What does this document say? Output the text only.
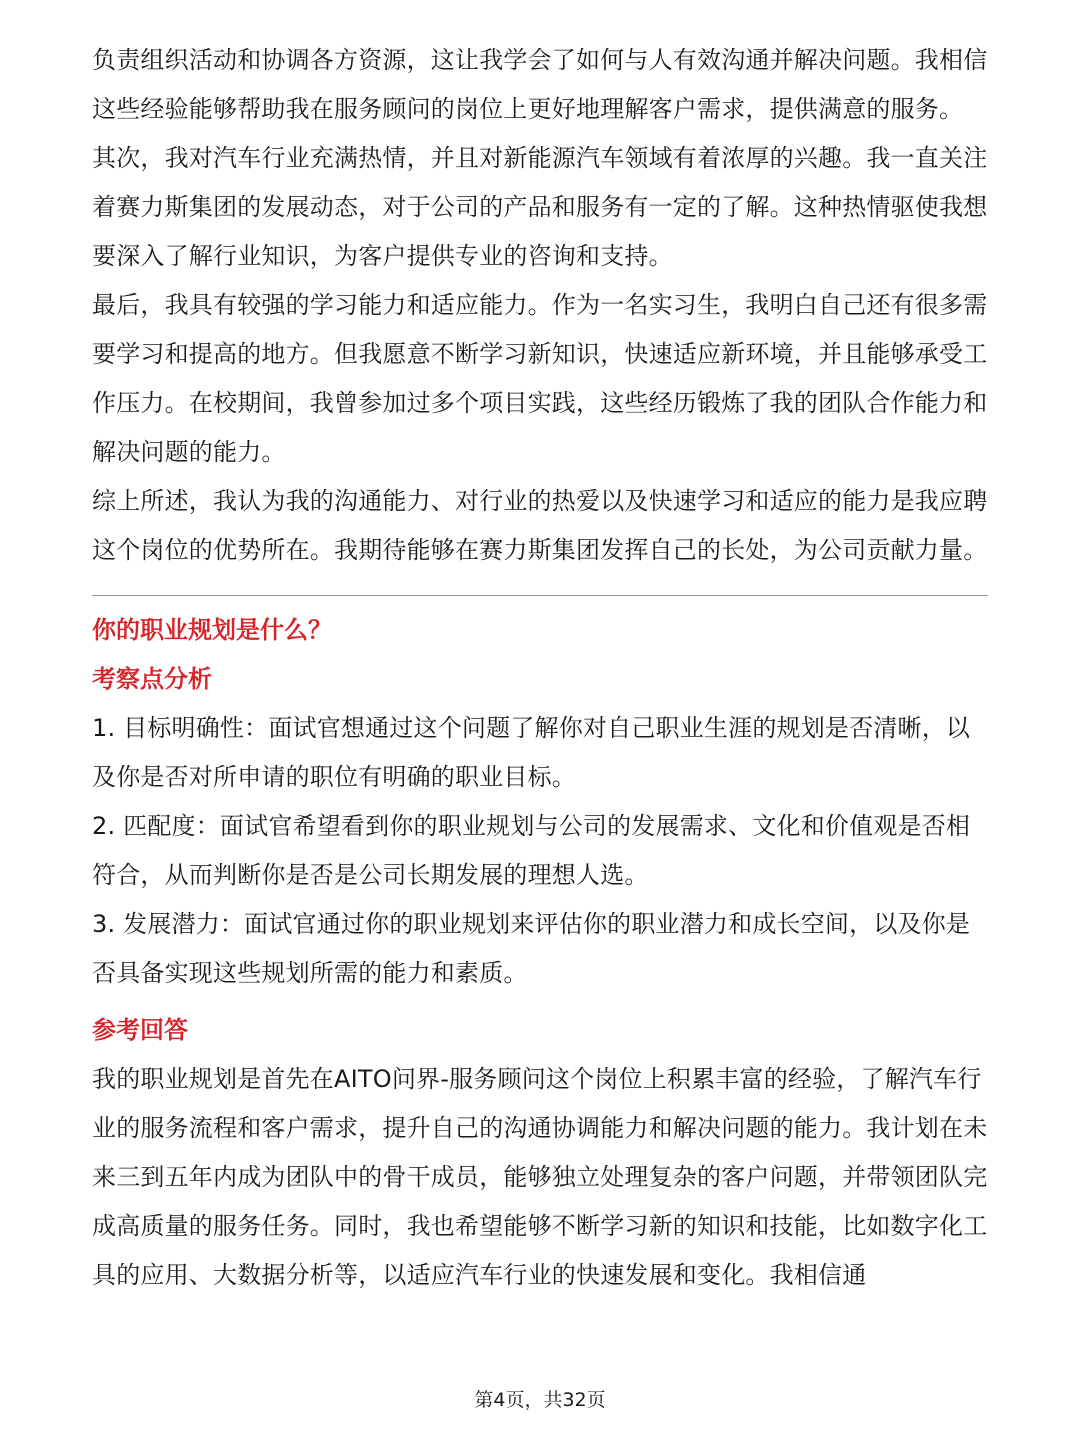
负责组织活动和协调各方资源，这让我学会了如何与人有效沟通并解决问题。我相信这些经验能够帮助我在服务顾问的岗位上更好地理解客户需求，提供满意的服务。

其次，我对汽车行业充满热情，并且对新能源汽车领域有着浓厚的兴趣。我一直关注着赛力斯集团的发展动态，对于公司的产品和服务有一定的了解。这种热情驱使我想要深入了解行业知识，为客户提供专业的咨询和支持。

最后，我具有较强的学习能力和适应能力。作为一名实习生，我明白自己还有很多需要学习和提高的地方。但我愿意不断学习新知识，快速适应新环境，并且能够承受工作压力。在校期间，我曾参加过多个项目实践，这些经历锻炼了我的团队合作能力和解决问题的能力。

综上所述，我认为我的沟通能力、对行业的热爱以及快速学习和适应的能力是我应聘这个岗位的优势所在。我期待能够在赛力斯集团发挥自己的长处，为公司贡献力量。

你的职业规划是什么？

考察点分析

1. 目标明确性：面试官想通过这个问题了解你对自己职业生涯的规划是否清晰，以及你是否对所申请的职位有明确的职业目标。

2. 匹配度：面试官希望看到你的职业规划与公司的发展需求、文化和价值观是否相符合，从而判断你是否是公司长期发展的理想人选。

3. 发展潜力：面试官通过你的职业规划来评估你的职业潜力和成长空间，以及你是否具备实现这些规划所需的能力和素质。

参考回答

我的职业规划是首先在AITO问界-服务顾问这个岗位上积累丰富的经验，了解汽车行业的服务流程和客户需求，提升自己的沟通协调能力和解决问题的能力。我计划在未来三到五年内成为团队中的骨干成员，能够独立处理复杂的客户问题，并带领团队完成高质量的服务任务。同时，我也希望能够不断学习新的知识和技能，比如数字化工具的应用、大数据分析等，以适应汽车行业的快速发展和变化。我相信通

第4页，共32页
